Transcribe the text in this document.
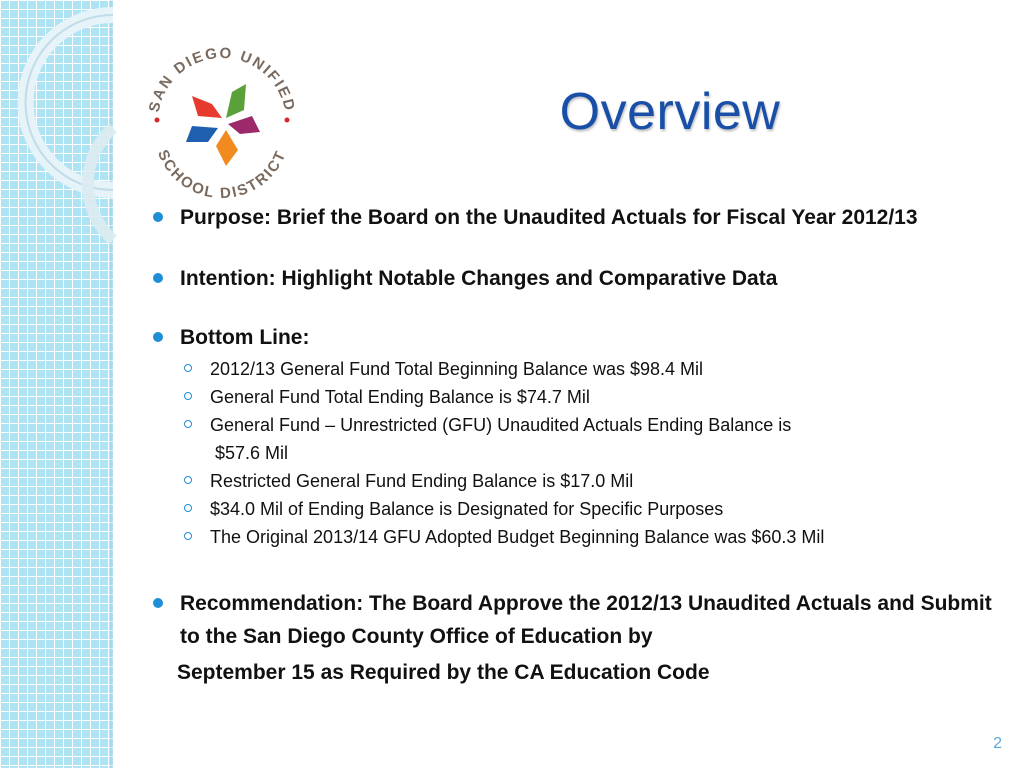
SAN DIEGO UNIFIED
SCHOOL DISTRICT
Overview
Purpose: Brief the Board on the Unaudited Actuals for Fiscal Year 2012/13
Intention: Highlight Notable Changes and Comparative Data
Bottom Line:
2012/13 General Fund Total Beginning Balance was $98.4 Mil
General Fund Total Ending Balance is $74.7 Mil
General Fund – Unrestricted (GFU) Unaudited Actuals Ending Balance is
$57.6 Mil
Restricted General Fund Ending Balance is $17.0 Mil
$34.0 Mil of Ending Balance is Designated for Specific Purposes
The Original 2013/14 GFU Adopted Budget Beginning Balance was $60.3 Mil
Recommendation: The Board Approve the 2012/13 Unaudited Actuals and Submit to the San Diego County Office of Education by
September 15 as Required by the CA Education Code
2
